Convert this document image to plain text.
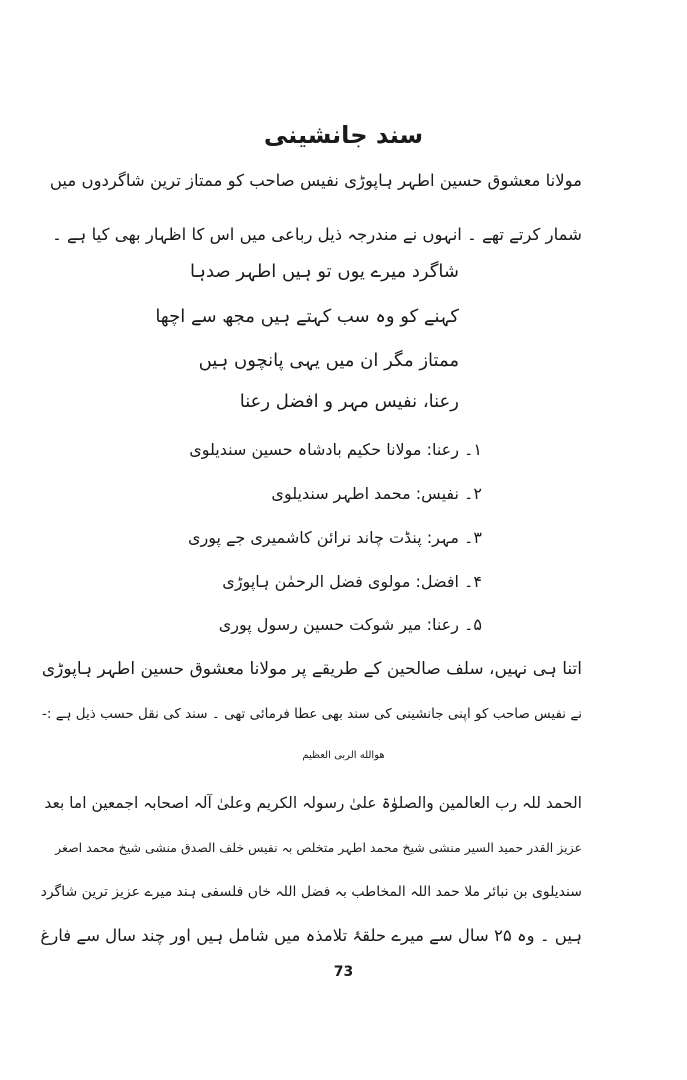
سند جانشینی
مولانا معشوق حسین اطہر ہاپوڑی نفیس صاحب کو ممتاز ترین شاگردوں میں
شمار کرتے تھے ۔ انہوں نے مندرجہ ذیل رباعی میں اس کا اظہار بھی کیا ہے ۔
شاگرد میرے یوں تو ہیں اطہر صدہا
کہنے کو وہ سب کہتے ہیں مجھ سے اچھا
ممتاز مگر ان میں یہی پانچوں ہیں
رعنا، نفیس مہر و افضل رعنا
۱۔ رعنا: مولانا حکیم بادشاہ حسین سندیلوی
۲۔ نفیس: محمد اطہر سندیلوی
۳۔ مہر: پنڈت چاند نرائن کاشمیری جے پوری
۴۔ افضل: مولوی فضل الرحمٰن ہاپوڑی
۵۔ رعنا: میر شوکت حسین رسول پوری
اتنا ہی نہیں، سلف صالحین کے طریقے پر مولانا معشوق حسین اطہر ہاپوڑی
نے نفیس صاحب کو اپنی جانشینی کی سند بھی عطا فرمائی تھی ۔ سند کی نقل حسب ذیل ہے :-
ھوالله الربی العظیم
الحمد للہ رب العالمین والصلوٰۃ علیٰ رسولہ الکریم وعلیٰ آلہ اصحابہ اجمعین اما بعد
عزیز القدر حمید السیر منشی شیخ محمد اطہر متخلص بہ نفیس خلف الصدق منشی شیخ محمد اصغر
سندیلوی بن نبائر ملا حمد اللہ المخاطب بہ فضل اللہ خاں فلسفی ہند میرے عزیز ترین شاگرد
ہیں ۔ وہ ۲۵ سال سے میرے حلقۂ تلامذہ میں شامل ہیں اور چند سال سے فارغ
73
